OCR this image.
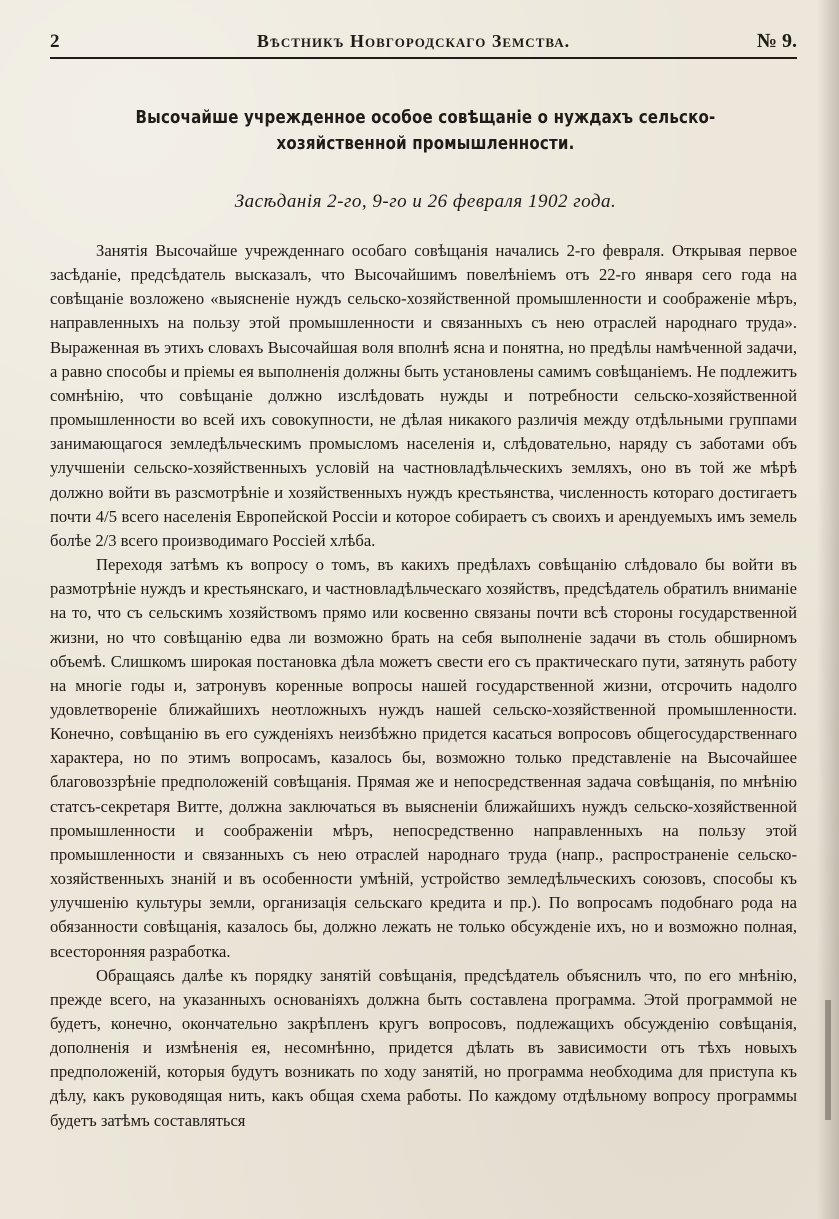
2	Вѣстникъ Новгородскаго Земства.	№ 9.
Высочайше учрежденное особое совѣщаніе о нуждахъ сельско-хозяйственной промышленности.
Засѣданія 2-го, 9-го и 26 февраля 1902 года.

Занятія Высочайше учрежденнаго особаго совѣщанія начались 2-го февраля. Открывая первое засѣданіе, предсѣдатель высказалъ, что Высочайшимъ повелѣніемъ отъ 22-го января сего года на совѣщаніе возложено «выясненіе нуждъ сельско-хозяйственной промышленности и соображеніе мѣръ, направленныхъ на пользу этой промышленности и связанныхъ съ нею отраслей народнаго труда». Выраженная въ этихъ словахъ Высочайшая воля вполнѣ ясна и понятна, но предѣлы намѣченной задачи, а равно способы и пріемы ея выполненія должны быть установлены самимъ совѣщаніемъ. Не подлежитъ сомнѣнію, что совѣщаніе должно изслѣдовать нужды и потребности сельско-хозяйственной промышленности во всей ихъ совокупности, не дѣлая никакого различія между отдѣльными группами занимающагося земледѣльческимъ промысломъ населенія и, слѣдовательно, наряду съ заботами объ улучшеніи сельско-хозяйственныхъ условій на частновладѣльческихъ земляхъ, оно въ той же мѣрѣ должно войти въ разсмотрѣніе и хозяйственныхъ нуждъ крестьянства, численность котораго достигаетъ почти 4/5 всего населенія Европейской Россіи и которое собираетъ съ своихъ и арендуемыхъ имъ земель болѣе 2/3 всего производимаго Россіей хлѣба.

Переходя затѣмъ къ вопросу о томъ, въ какихъ предѣлахъ совѣщанію слѣдовало бы войти въ размотрѣніе нуждъ и крестьянскаго, и частновладѣльческаго хозяйствъ, предсѣдатель обратилъ вниманіе на то, что съ сельскимъ хозяйствомъ прямо или косвенно связаны почти всѣ стороны государственной жизни, но что совѣщанію едва ли возможно брать на себя выполненіе задачи въ столь обширномъ объемѣ. Слишкомъ широкая постановка дѣла можетъ свести его съ практическаго пути, затянуть работу на многіе годы и, затронувъ коренные вопросы нашей государственной жизни, отсрочить надолго удовлетвореніе ближайшихъ неотложныхъ нуждъ нашей сельско-хозяйственной промышленности. Конечно, совѣщанію въ его сужденіяхъ неизбѣжно придется касаться вопросовъ общегосударственнаго характера, но по этимъ вопросамъ, казалось бы, возможно только представленіе на Высочайшее благовоззрѣніе предположеній совѣщанія. Прямая же и непосредственная задача совѣщанія, по мнѣнію статсъ-секретаря Витте, должна заключаться въ выясненіи ближайшихъ нуждъ сельско-хозяйственной промышленности и соображеніи мѣръ, непосредственно направленныхъ на пользу этой промышленности и связанныхъ съ нею отраслей народнаго труда (напр., распространеніе сельско-хозяйственныхъ знаній и въ особенности умѣній, устройство земледѣльческихъ союзовъ, способы къ улучшенію культуры земли, организація сельскаго кредита и пр.). По вопросамъ подобнаго рода на обязанности совѣщанія, казалось бы, должно лежать не только обсужденіе ихъ, но и возможно полная, всесторонняя разработка.

Обращаясь далѣе къ порядку занятій совѣщанія, предсѣдатель объяснилъ что, по его мнѣнію, прежде всего, на указанныхъ основаніяхъ должна быть составлена программа. Этой программой не будетъ, конечно, окончательно закрѣпленъ кругъ вопросовъ, подлежащихъ обсужденію совѣщанія, дополненія и измѣненія ея, несомнѣнно, придется дѣлать въ зависимости отъ тѣхъ новыхъ предположеній, которыя будутъ возникать по ходу занятій, но программа необходима для приступа къ дѣлу, какъ руководящая нить, какъ общая схема работы. По каждому отдѣльному вопросу программы будетъ затѣмъ составляться
